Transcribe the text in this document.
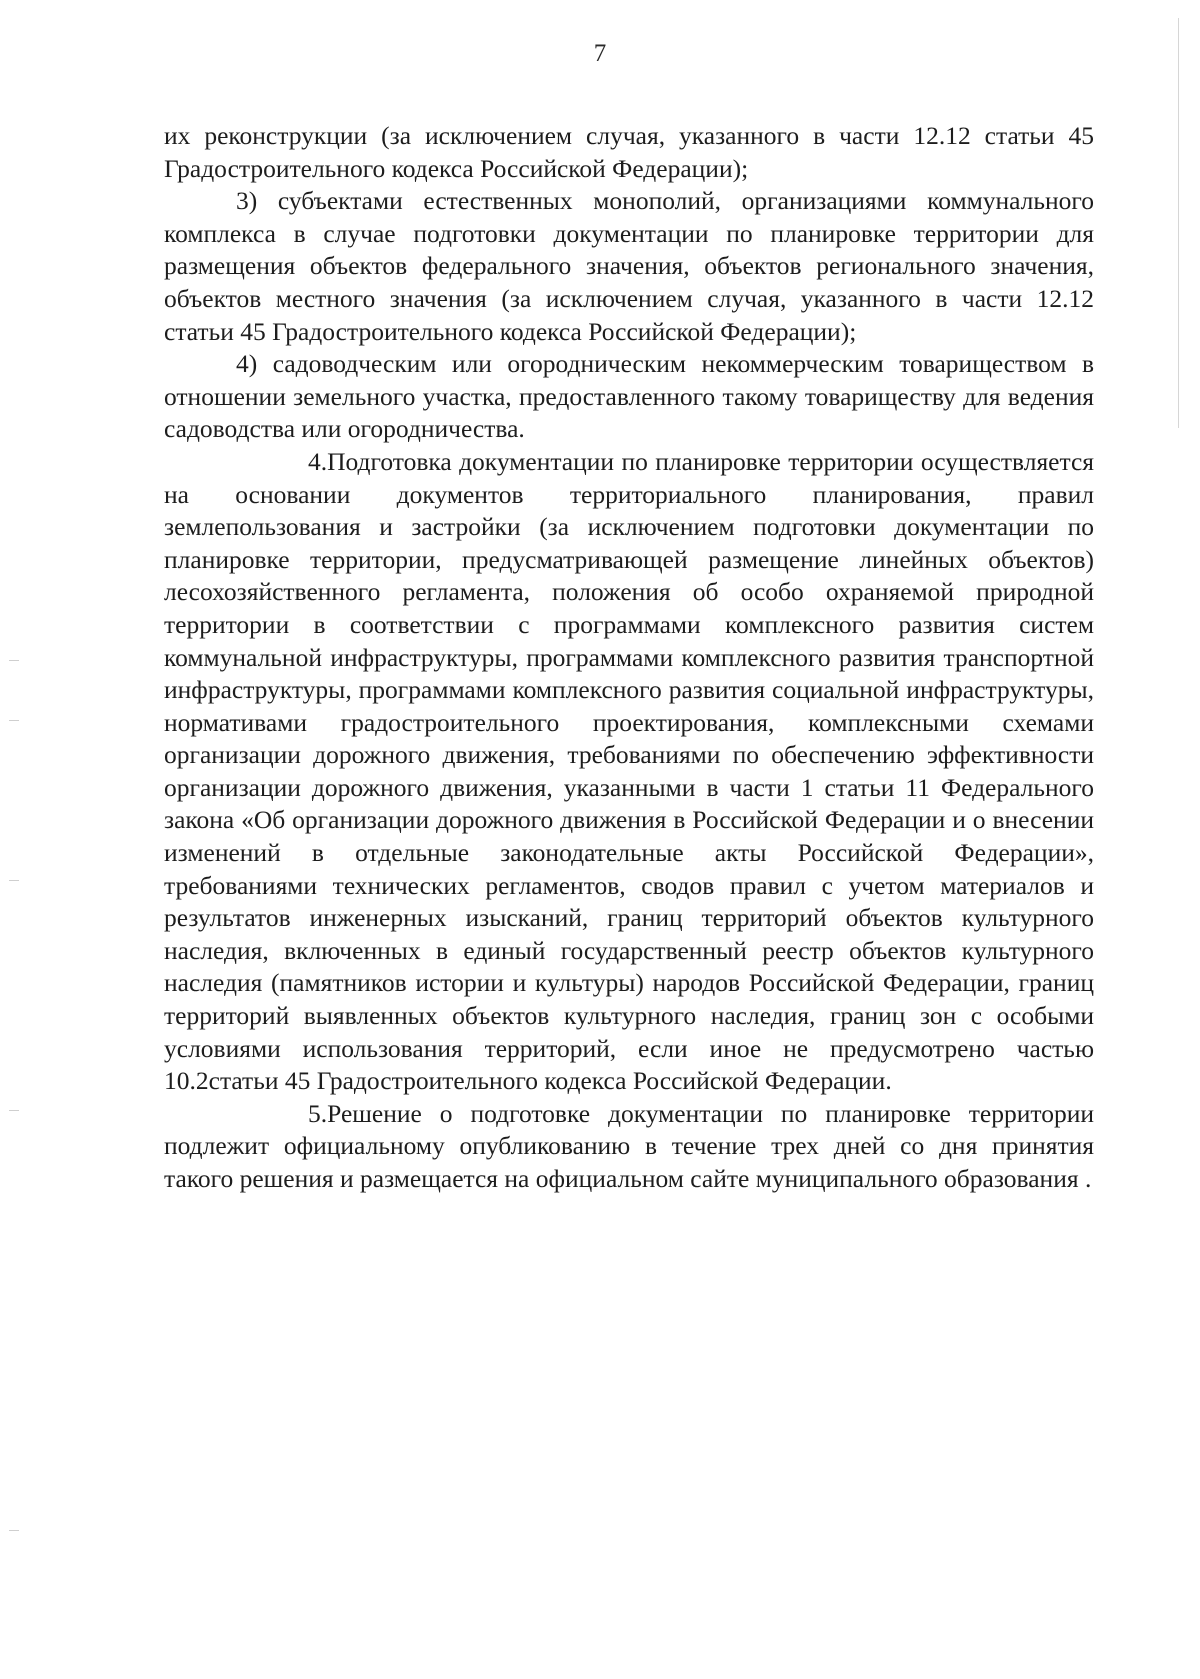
7

их реконструкции (за исключением случая, указанного в части 12.12 статьи 45 Градостроительного кодекса Российской Федерации);

3) субъектами естественных монополий, организациями коммунального комплекса в случае подготовки документации по планировке территории для размещения объектов федерального значения, объектов регионального значения, объектов местного значения (за исключением случая, указанного в части 12.12 статьи 45 Градостроительного кодекса Российской Федерации);

4) садоводческим или огородническим некоммерческим товариществом в отношении земельного участка, предоставленного такому товариществу для ведения садоводства или огородничества.

4.Подготовка документации по планировке территории осуществляется на основании документов территориального планирования, правил землепользования и застройки (за исключением подготовки документации по планировке территории, предусматривающей размещение линейных объектов) лесохозяйственного регламента, положения об особо охраняемой природной территории в соответствии с программами комплексного развития систем коммунальной инфраструктуры, программами комплексного развития транспортной инфраструктуры, программами комплексного развития социальной инфраструктуры, нормативами градостроительного проектирования, комплексными схемами организации дорожного движения, требованиями по обеспечению эффективности организации дорожного движения, указанными в части 1 статьи 11 Федерального закона «Об организации дорожного движения в Российской Федерации и о внесении изменений в отдельные законодательные акты Российской Федерации», требованиями технических регламентов, сводов правил с учетом материалов и результатов инженерных изысканий, границ территорий объектов культурного наследия, включенных в единый государственный реестр объектов культурного наследия (памятников истории и культуры) народов Российской Федерации, границ территорий выявленных объектов культурного наследия, границ зон с особыми условиями использования территорий, если иное не предусмотрено частью 10.2статьи 45 Градостроительного кодекса Российской Федерации.

5.Решение о подготовке документации по планировке территории подлежит официальному опубликованию в течение трех дней со дня принятия такого решения и размещается на официальном сайте муниципального образования .
